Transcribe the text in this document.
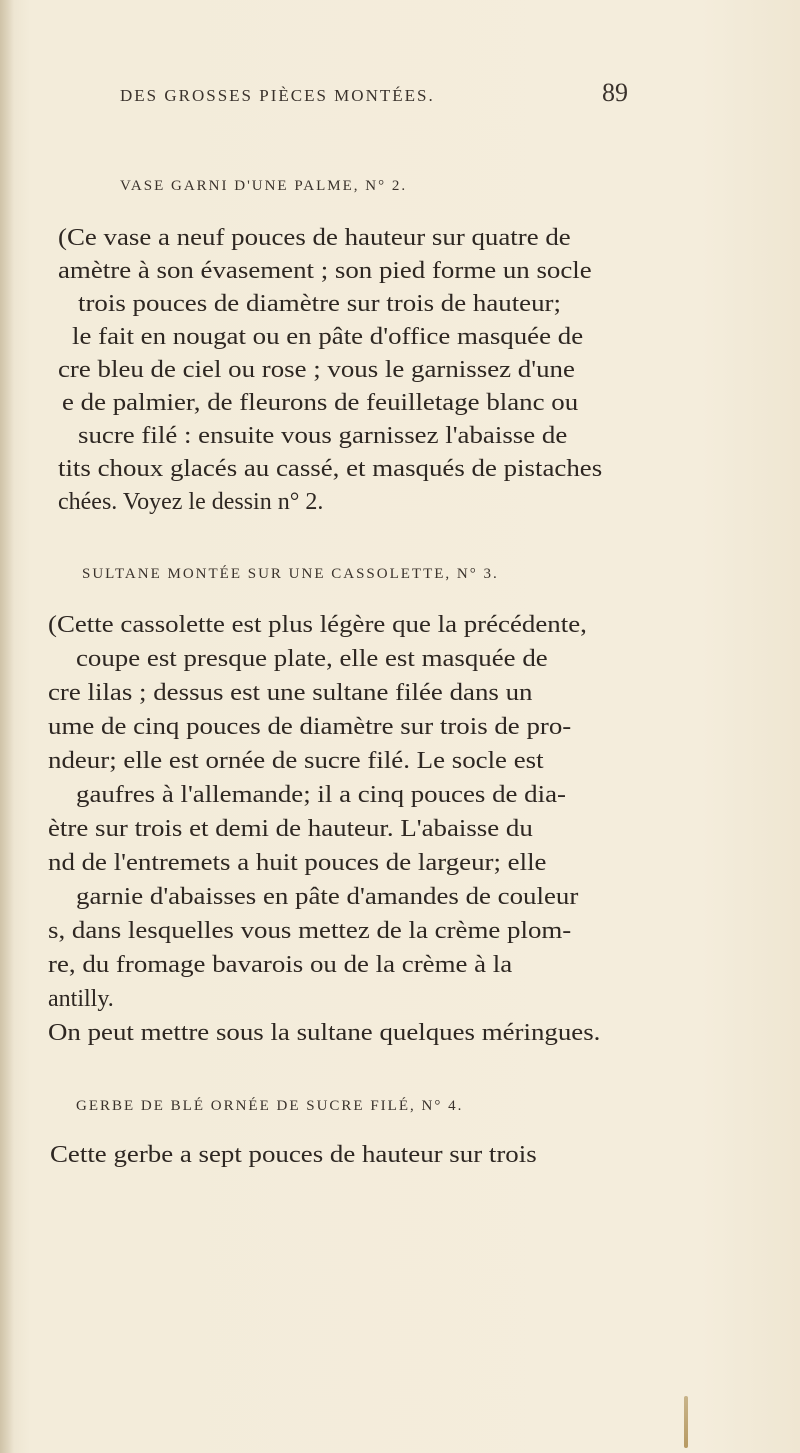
DES GROSSES PIÈCES MONTÉES.	89
VASE GARNI D'UNE PALME, N° 2.
(Ce vase a neuf pouces de hauteur sur quatre de
amètre à son évasement ; son pied forme un socle
trois pouces de diamètre sur trois de hauteur;
le fait en nougat ou en pâte d'office masquée de
cre bleu de ciel ou rose ; vous le garnissez d'une
e de palmier, de fleurons de feuilletage blanc ou
sucre filé : ensuite vous garnissez l'abaisse de
tits choux glacés au cassé, et masqués de pistaches
chées. Voyez le dessin n° 2.
SULTANE MONTÉE SUR UNE CASSOLETTE, N° 3.
(Cette cassolette est plus légère que la précédente,
coupe est presque plate, elle est masquée de
cre lilas ; dessus est une sultane filée dans un
ume de cinq pouces de diamètre sur trois de pro-
ndeur; elle est ornée de sucre filé. Le socle est
gaufres à l'allemande; il a cinq pouces de dia-
ètre sur trois et demi de hauteur. L'abaisse du
nd de l'entremets a huit pouces de largeur; elle
garnie d'abaisses en pâte d'amandes de couleur
s, dans lesquelles vous mettez de la crème plom-
re, du fromage bavarois ou de la crème à la
antilly.
On peut mettre sous la sultane quelques méringues.
GERBE DE BLÉ ORNÉE DE SUCRE FILÉ, N° 4.
Cette gerbe a sept pouces de hauteur sur trois
